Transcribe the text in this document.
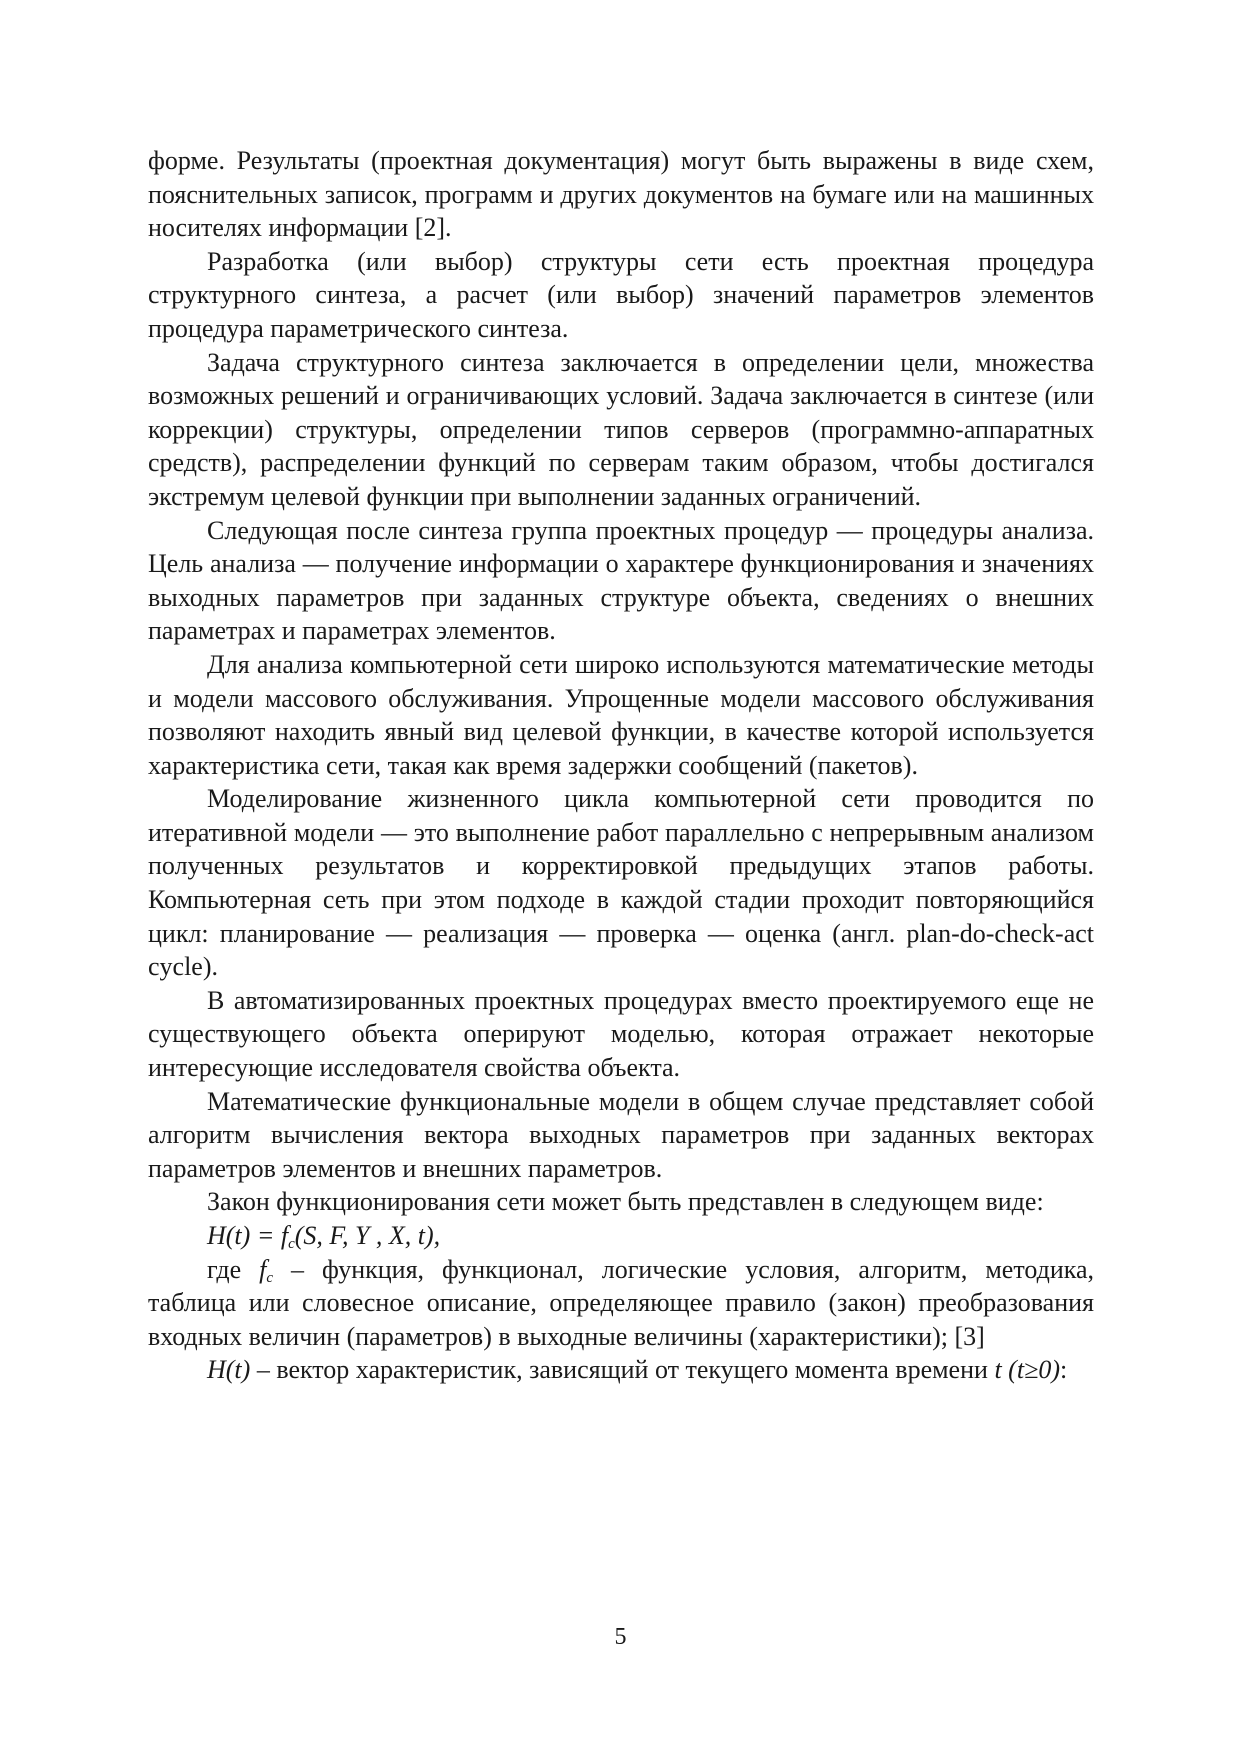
форме. Результаты (проектная документация) могут быть выражены в виде схем, пояснительных записок, программ и других документов на бумаге или на машинных носителях информации [2].

Разработка (или выбор) структуры сети есть проектная процедура структурного синтеза, а расчет (или выбор) значений параметров элементов процедура параметрического синтеза.

Задача структурного синтеза заключается в определении цели, множества возможных решений и ограничивающих условий. Задача заключается в синтезе (или коррекции) структуры, определении типов серверов (программно-аппаратных средств), распределении функций по серверам таким образом, чтобы достигался экстремум целевой функции при выполнении заданных ограничений.

Следующая после синтеза группа проектных процедур — процедуры анализа. Цель анализа — получение информации о характере функционирования и значениях выходных параметров при заданных структуре объекта, сведениях о внешних параметрах и параметрах элементов.

Для анализа компьютерной сети широко используются математические методы и модели массового обслуживания. Упрощенные модели массового обслуживания позволяют находить явный вид целевой функции, в качестве которой используется характеристика сети, такая как время задержки сообщений (пакетов).

Моделирование жизненного цикла компьютерной сети проводится по итеративной модели — это выполнение работ параллельно с непрерывным анализом полученных результатов и корректировкой предыдущих этапов работы. Компьютерная сеть при этом подходе в каждой стадии проходит повторяющийся цикл: планирование — реализация — проверка — оценка (англ. plan-do-check-act cycle).

В автоматизированных проектных процедурах вместо проектируемого еще не существующего объекта оперируют моделью, которая отражает некоторые интересующие исследователя свойства объекта.

Математические функциональные модели в общем случае представляет собой алгоритм вычисления вектора выходных параметров при заданных векторах параметров элементов и внешних параметров.

Закон функционирования сети может быть представлен в следующем виде:

$H(t) = f_c(S$, F, Y , X, t),

где $f_c$ – функция, функционал, логические условия, алгоритм, методика, таблица или словесное описание, определяющее правило (закон) преобразования входных величин (параметров) в выходные величины (характеристики); [3]

H(t) – вектор характеристик, зависящий от текущего момента времени t (t≥0):

5
